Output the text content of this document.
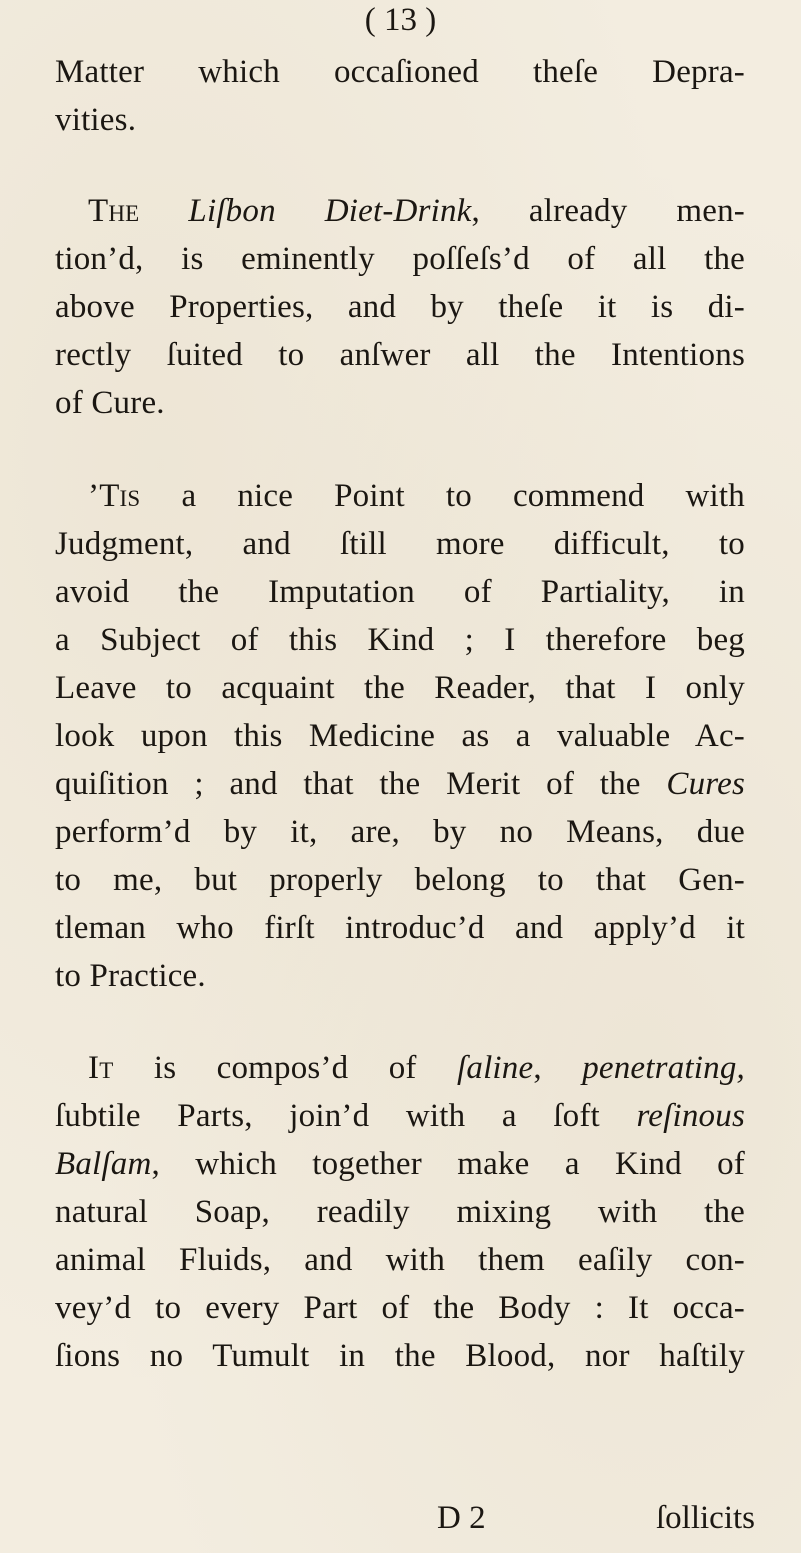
( 13 )
Matter which occaſioned theſe Depra-
vities.
The Liſbon Diet-Drink, already men-
tion’d, is eminently poſſeſs’d of all the
above Properties, and by theſe it is di-
rectly ſuited to anſwer all the Intentions
of Cure.
’Tis a nice Point to commend with
Judgment, and ſtill more difficult, to
avoid the Imputation of Partiality, in
a Subject of this Kind ; I therefore beg
Leave to acquaint the Reader, that I only
look upon this Medicine as a valuable Ac-
quiſition ; and that the Merit of the Cures
perform’d by it, are, by no Means, due
to me, but properly belong to that Gen-
tleman who firſt introduc’d and apply’d it
to Practice.
It is compos’d of ſaline, penetrating,
ſubtile Parts, join’d with a ſoft reſinous
Balſam, which together make a Kind of
natural Soap, readily mixing with the
animal Fluids, and with them eaſily con-
vey’d to every Part of the Body : It occa-
ſions no Tumult in the Blood, nor haſtily
D 2	ſollicits
